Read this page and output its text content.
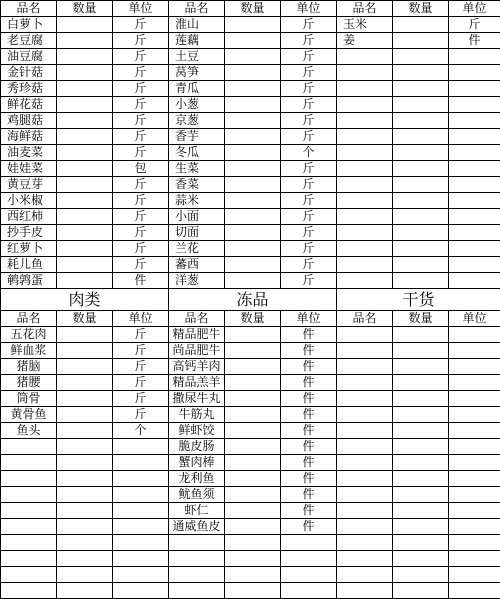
品名	数量	单位	品名	数量	单位	品名	数量	单位
白萝卜		斤	淮山		斤	玉米		斤
老豆腐		斤	莲藕		斤	姜		件
油豆腐		斤	土豆		斤			
金针菇		斤	莴笋		斤			
秀珍菇		斤	青瓜		斤			
鲜花菇		斤	小葱		斤			
鸡腿菇		斤	京葱		斤			
海鲜菇		斤	香芋		斤			
油麦菜		斤	冬瓜		个			
娃娃菜		包	生菜		斤			
黄豆芽		斤	香菜		斤			
小米椒		斤	蒜米		斤			
西红柿		斤	小面		斤			
抄手皮		斤	切面		斤			
红萝卜		斤	兰花		斤			
耗儿鱼		斤	蕃西		斤			
鹌鹑蛋		件	洋葱		斤			
肉类			冻品			干货		
品名	数量	单位	品名	数量	单位	品名	数量	单位
五花肉		斤	精品肥牛		件			
鲜血浆		斤	尚品肥牛		件			
猪脑		斤	高钙羊肉		件			
猪腰		斤	精品羔羊		件			
筒骨		斤	撒尿牛丸		件			
黄骨鱼		斤	牛筋丸		件			
鱼头		个	鲜虾饺		件			
			脆皮肠		件			
			蟹肉棒		件			
			龙利鱼		件			
			鱿鱼须		件			
			虾仁		件			
			通威鱼皮		件			
